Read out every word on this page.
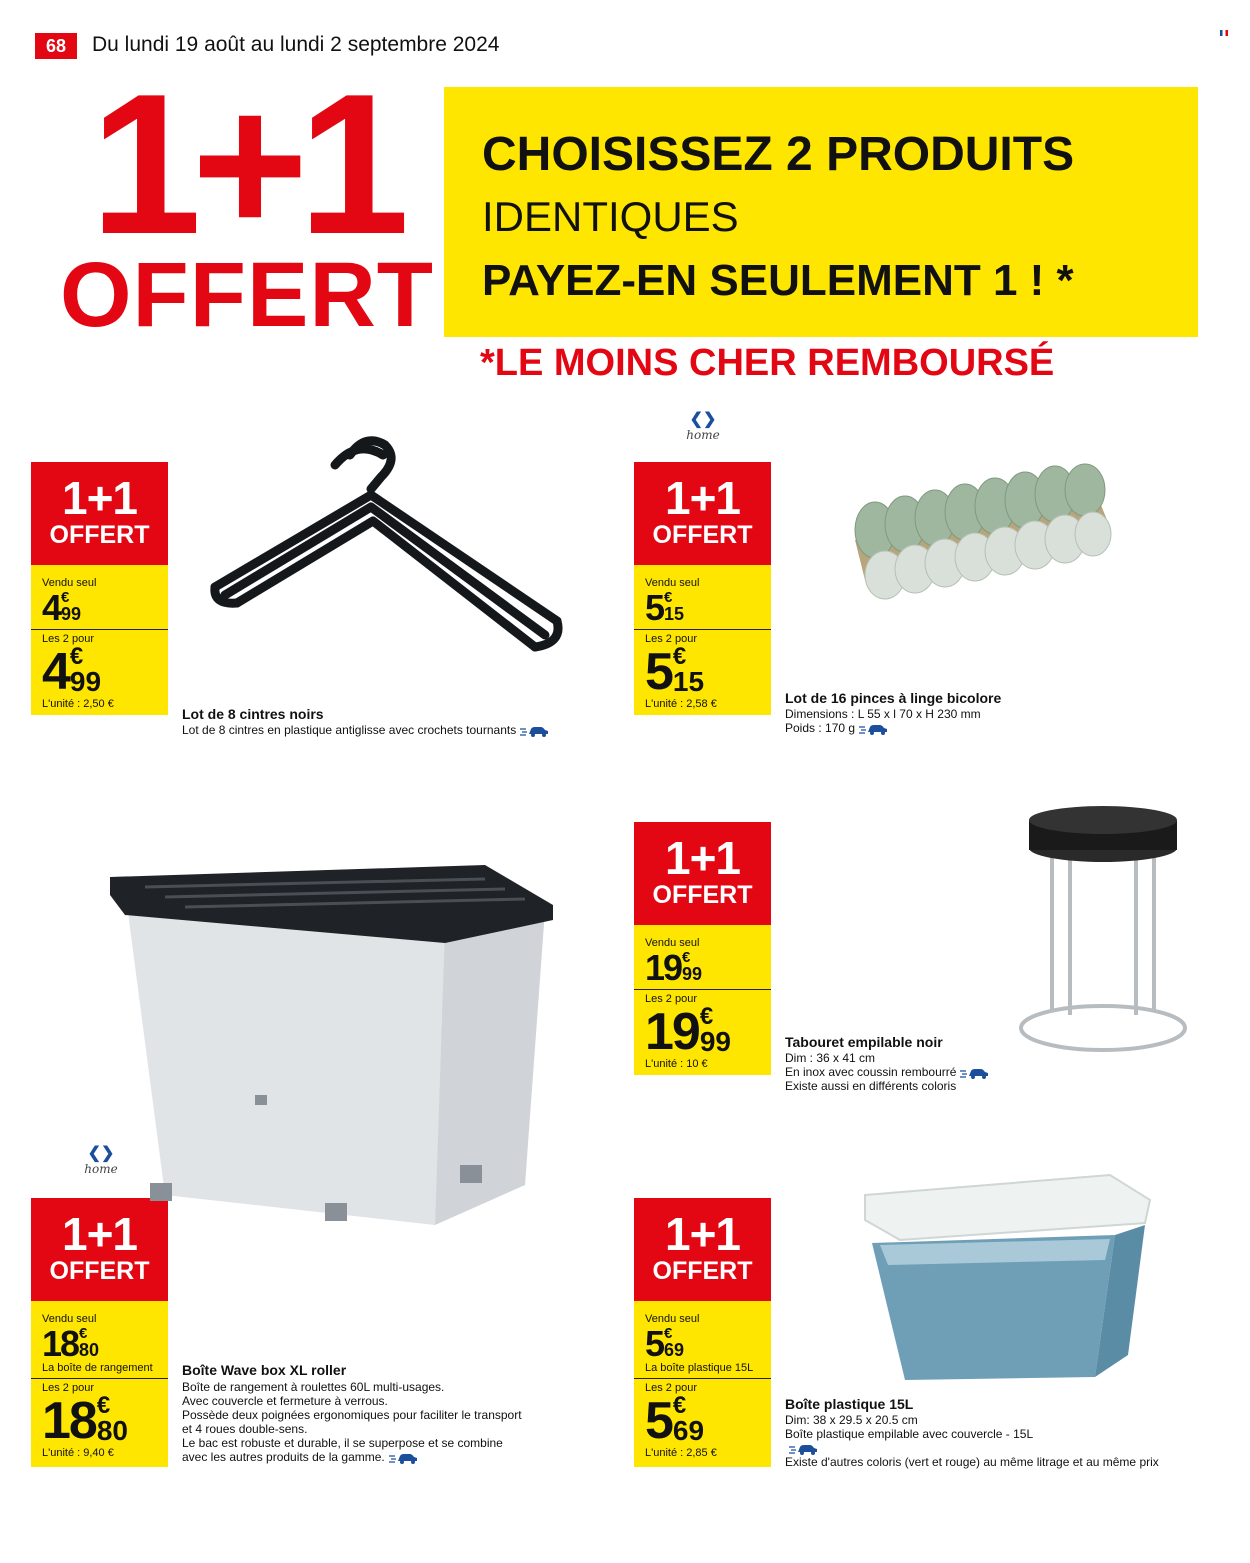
68	Du lundi 19 août au lundi 2 septembre 2024
1+1
OFFERT
CHOISISSEZ 2 PRODUITS
IDENTIQUES
PAYEZ-EN SEULEMENT 1 ! *
*LE MOINS CHER REMBOURSÉ
❮❯
home
❮❯
home
1+1
OFFERT
Vendu seul
4 €
99
Les 2 pour
4 €
99
L'unité : 2,50 €
Lot de 8 cintres noirs
Lot de 8 cintres en plastique antiglisse avec crochets tournants
1+1
OFFERT
Vendu seul
5 €
15
Les 2 pour
5 €
15
L'unité : 2,58 €	Lot de 16 pinces à linge bicolore
Dimensions : L 55 x l 70 x H 230 mm
Poids : 170 g
1+1
OFFERT
Vendu seul
19 €
99
Les 2 pour
19 €
99
L'unité : 10 €
Tabouret empilable noir
Dim : 36 x 41 cm
En inox avec coussin rembourré
Existe aussi en différents coloris
1+1
OFFERT
Vendu seul
18 €
80
La boîte de rangement
Les 2 pour
18 €
80
L'unité : 9,40 €
Boîte Wave box XL roller
Boîte de rangement à roulettes 60L multi-usages.
Avec couvercle et fermeture à verrous.
Possède deux poignées ergonomiques pour faciliter le transport
et 4 roues double-sens.
Le bac est robuste et durable, il se superpose et se combine
avec les autres produits de la gamme.
1+1
OFFERT
Vendu seul
5 €
69
La boîte plastique 15L
Les 2 pour
5 €
69
L'unité : 2,85 €
Boîte plastique 15L
Dim: 38 x 29.5 x 20.5 cm
Boîte plastique empilable avec couvercle - 15L
Existe d'autres coloris (vert et rouge) au même litrage et au même prix
